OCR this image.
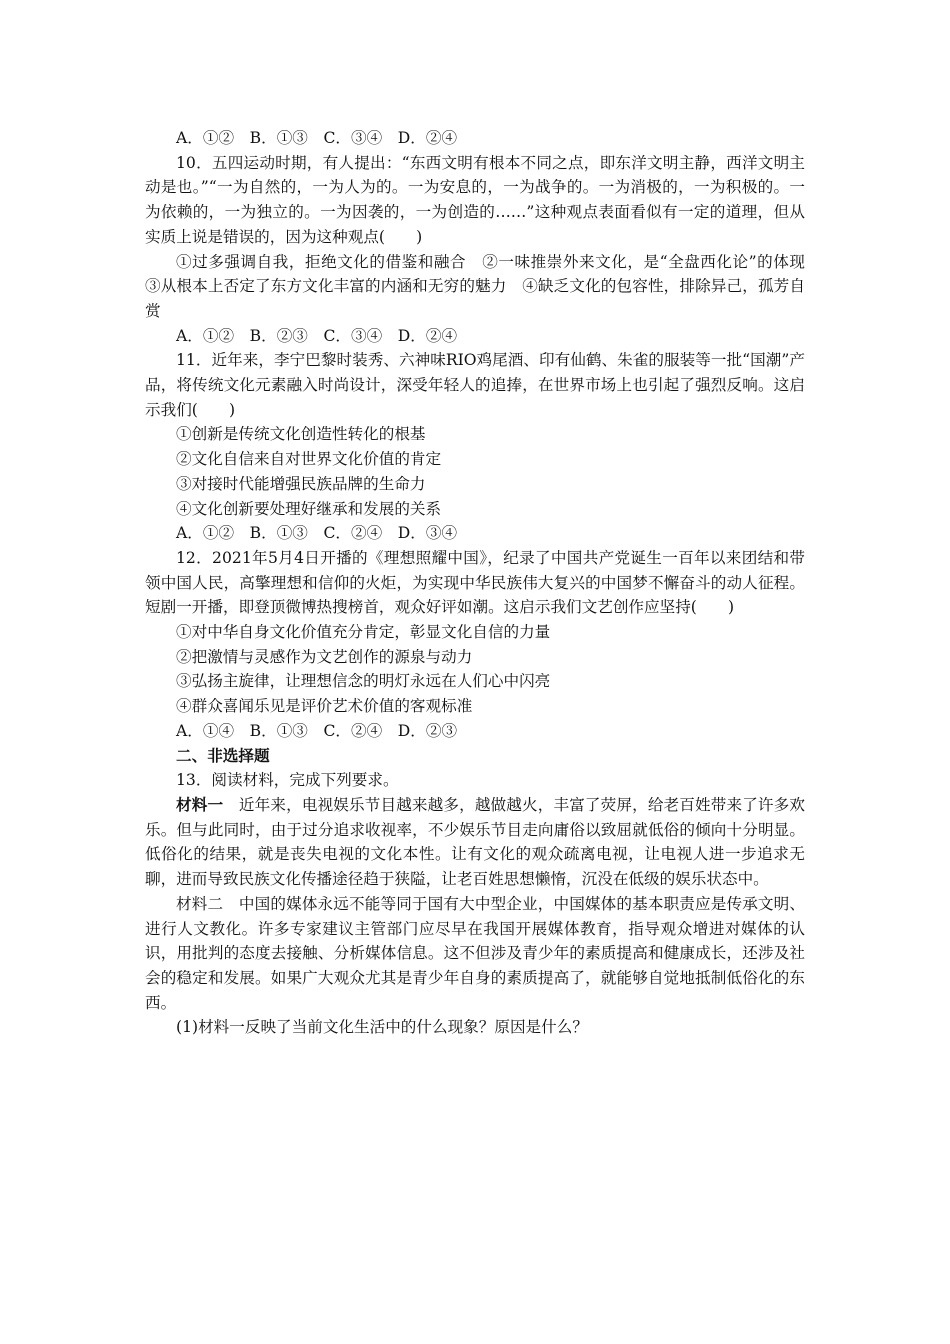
A．①②　B．①③　C．③④　D．②④

10．五四运动时期，有人提出：“东西文明有根本不同之点，即东洋文明主静，西洋文明主动是也。”“一为自然的，一为人为的。一为安息的，一为战争的。一为消极的，一为积极的。一为依赖的，一为独立的。一为因袭的，一为创造的……”这种观点表面看似有一定的道理，但从实质上说是错误的，因为这种观点(　　)

①过多强调自我，拒绝文化的借鉴和融合　②一味推崇外来文化，是“全盘西化论”的体现　③从根本上否定了东方文化丰富的内涵和无穷的魅力　④缺乏文化的包容性，排除异己，孤芳自赏

A．①②　B．②③　C．③④　D．②④

11．近年来，李宁巴黎时装秀、六神味RIO鸡尾酒、印有仙鹤、朱雀的服装等一批“国潮”产品，将传统文化元素融入时尚设计，深受年轻人的追捧，在世界市场上也引起了强烈反响。这启示我们(　　)

①创新是传统文化创造性转化的根基

②文化自信来自对世界文化价值的肯定

③对接时代能增强民族品牌的生命力

④文化创新要处理好继承和发展的关系

A．①②　B．①③　C．②④　D．③④

12．2021年5月4日开播的《理想照耀中国》，纪录了中国共产党诞生一百年以来团结和带领中国人民，高擎理想和信仰的火炬，为实现中华民族伟大复兴的中国梦不懈奋斗的动人征程。短剧一开播，即登顶微博热搜榜首，观众好评如潮。这启示我们文艺创作应坚持(　　)

①对中华自身文化价值充分肯定，彰显文化自信的力量

②把激情与灵感作为文艺创作的源泉与动力

③弘扬主旋律，让理想信念的明灯永远在人们心中闪亮

④群众喜闻乐见是评价艺术价值的客观标准

A．①④　B．①③　C．②④　D．②③

二、非选择题

13．阅读材料，完成下列要求。

材料一　近年来，电视娱乐节目越来越多，越做越火，丰富了荧屏，给老百姓带来了许多欢乐。但与此同时，由于过分追求收视率，不少娱乐节目走向庸俗以致屈就低俗的倾向十分明显。低俗化的结果，就是丧失电视的文化本性。让有文化的观众疏离电视，让电视人进一步追求无聊，进而导致民族文化传播途径趋于狭隘，让老百姓思想懒惰，沉没在低级的娱乐状态中。

材料二　中国的媒体永远不能等同于国有大中型企业，中国媒体的基本职责应是传承文明、进行人文教化。许多专家建议主管部门应尽早在我国开展媒体教育，指导观众增进对媒体的认识，用批判的态度去接触、分析媒体信息。这不但涉及青少年的素质提高和健康成长，还涉及社会的稳定和发展。如果广大观众尤其是青少年自身的素质提高了，就能够自觉地抵制低俗化的东西。

(1)材料一反映了当前文化生活中的什么现象？原因是什么？
